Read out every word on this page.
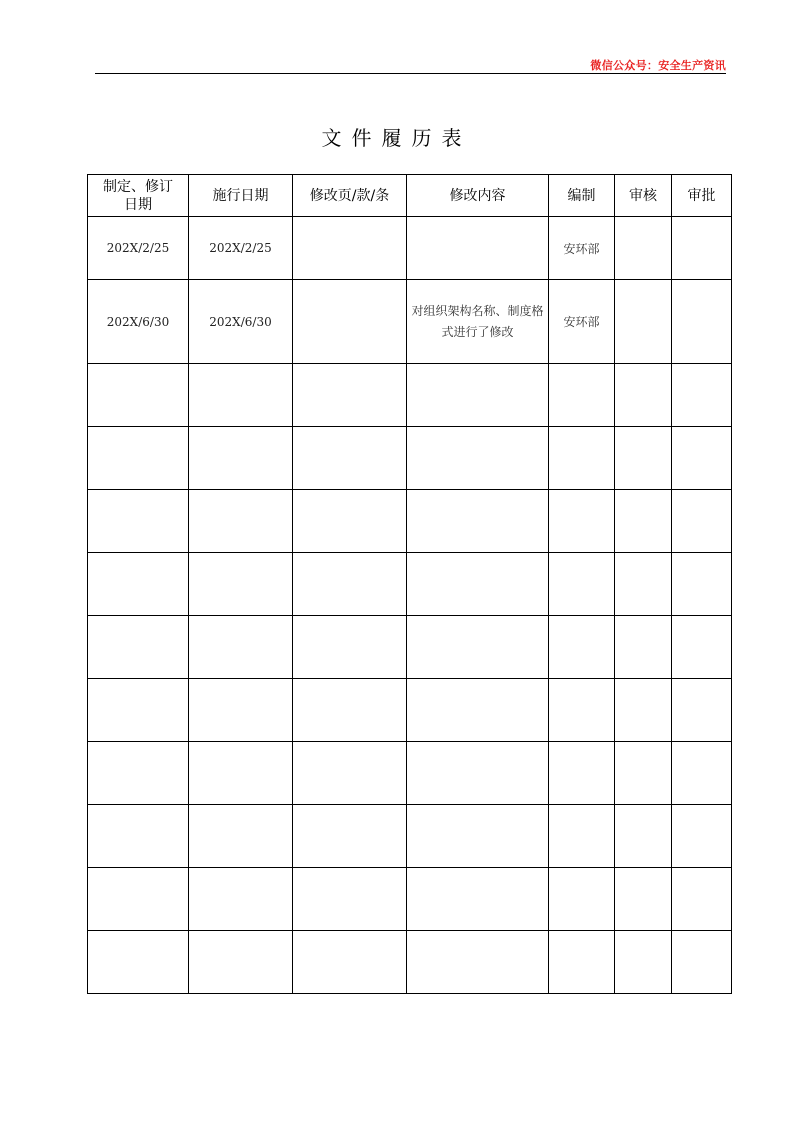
微信公众号：安全生产资讯
文件履历表
制定、修订
日期	施行日期	修改页/款/条	修改内容	编制	审核	审批
202X/2/25	202X/2/25			安环部		
202X/6/30	202X/6/30		对组织架构名称、制度格式进行了修改	安环部		
